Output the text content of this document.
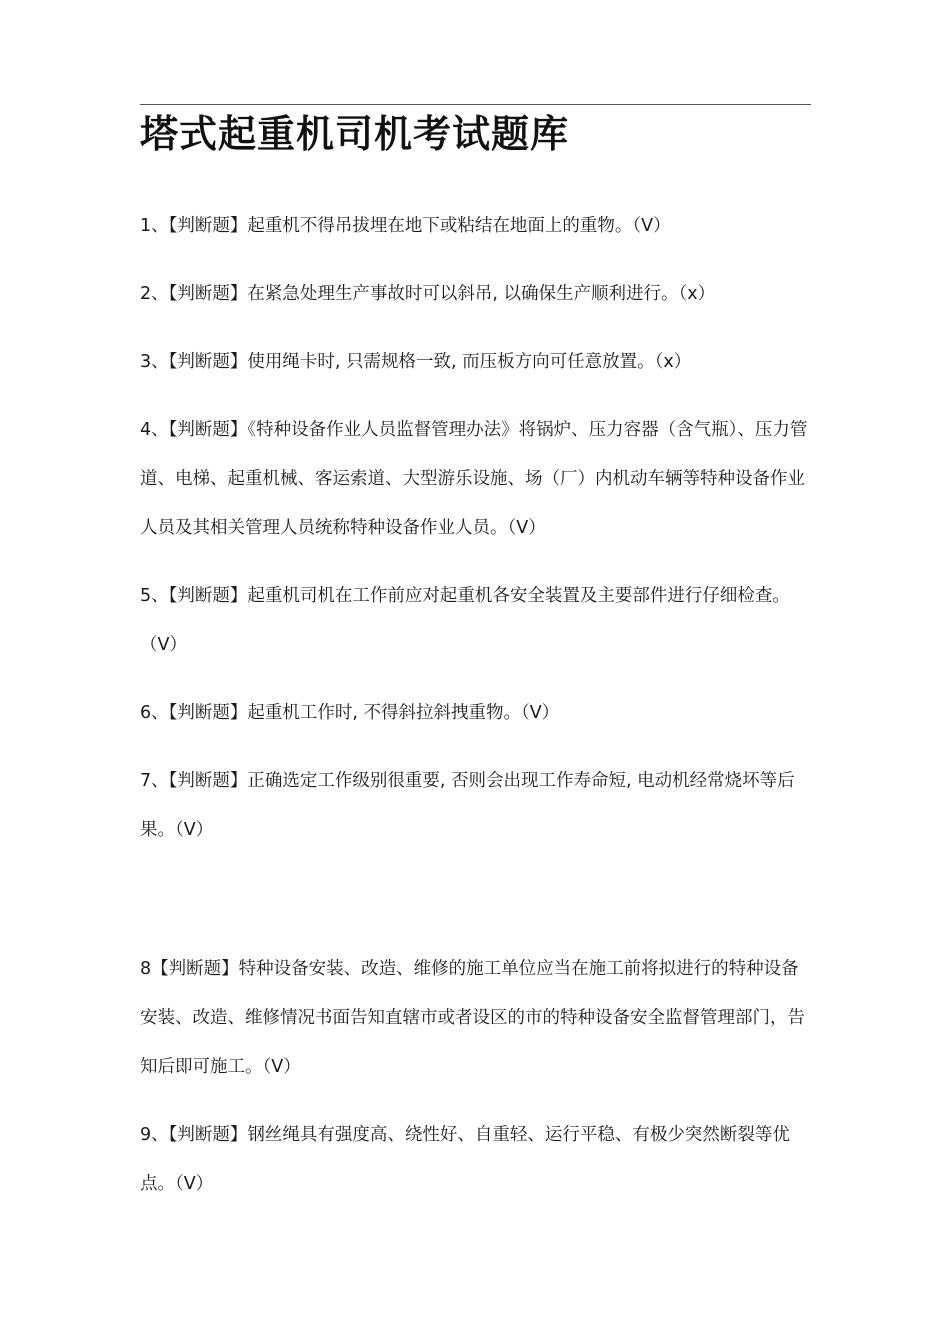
塔式起重机司机考试题库
1、【判断题】起重机不得吊拔埋在地下或粘结在地面上的重物。（V）
2、【判断题】在紧急处理生产事故时可以斜吊, 以确保生产顺利进行。（x）
3、【判断题】使用绳卡时, 只需规格一致, 而压板方向可任意放置。（x）
4、【判断题】《特种设备作业人员监督管理办法》将锅炉、压力容器（含气瓶）、压力管道、电梯、起重机械、客运索道、大型游乐设施、场（厂）内机动车辆等特种设备作业人员及其相关管理人员统称特种设备作业人员。（V）
5、【判断题】起重机司机在工作前应对起重机各安全装置及主要部件进行仔细检查。（V）
6、【判断题】起重机工作时, 不得斜拉斜拽重物。（V）
7、【判断题】正确选定工作级别很重要, 否则会出现工作寿命短, 电动机经常烧坏等后果。（V）
8【判断题】特种设备安装、改造、维修的施工单位应当在施工前将拟进行的特种设备安装、改造、维修情况书面告知直辖市或者设区的市的特种设备安全监督管理部门，告知后即可施工。（V）
9、【判断题】钢丝绳具有强度高、绕性好、自重轻、运行平稳、有极少突然断裂等优点。（V）
